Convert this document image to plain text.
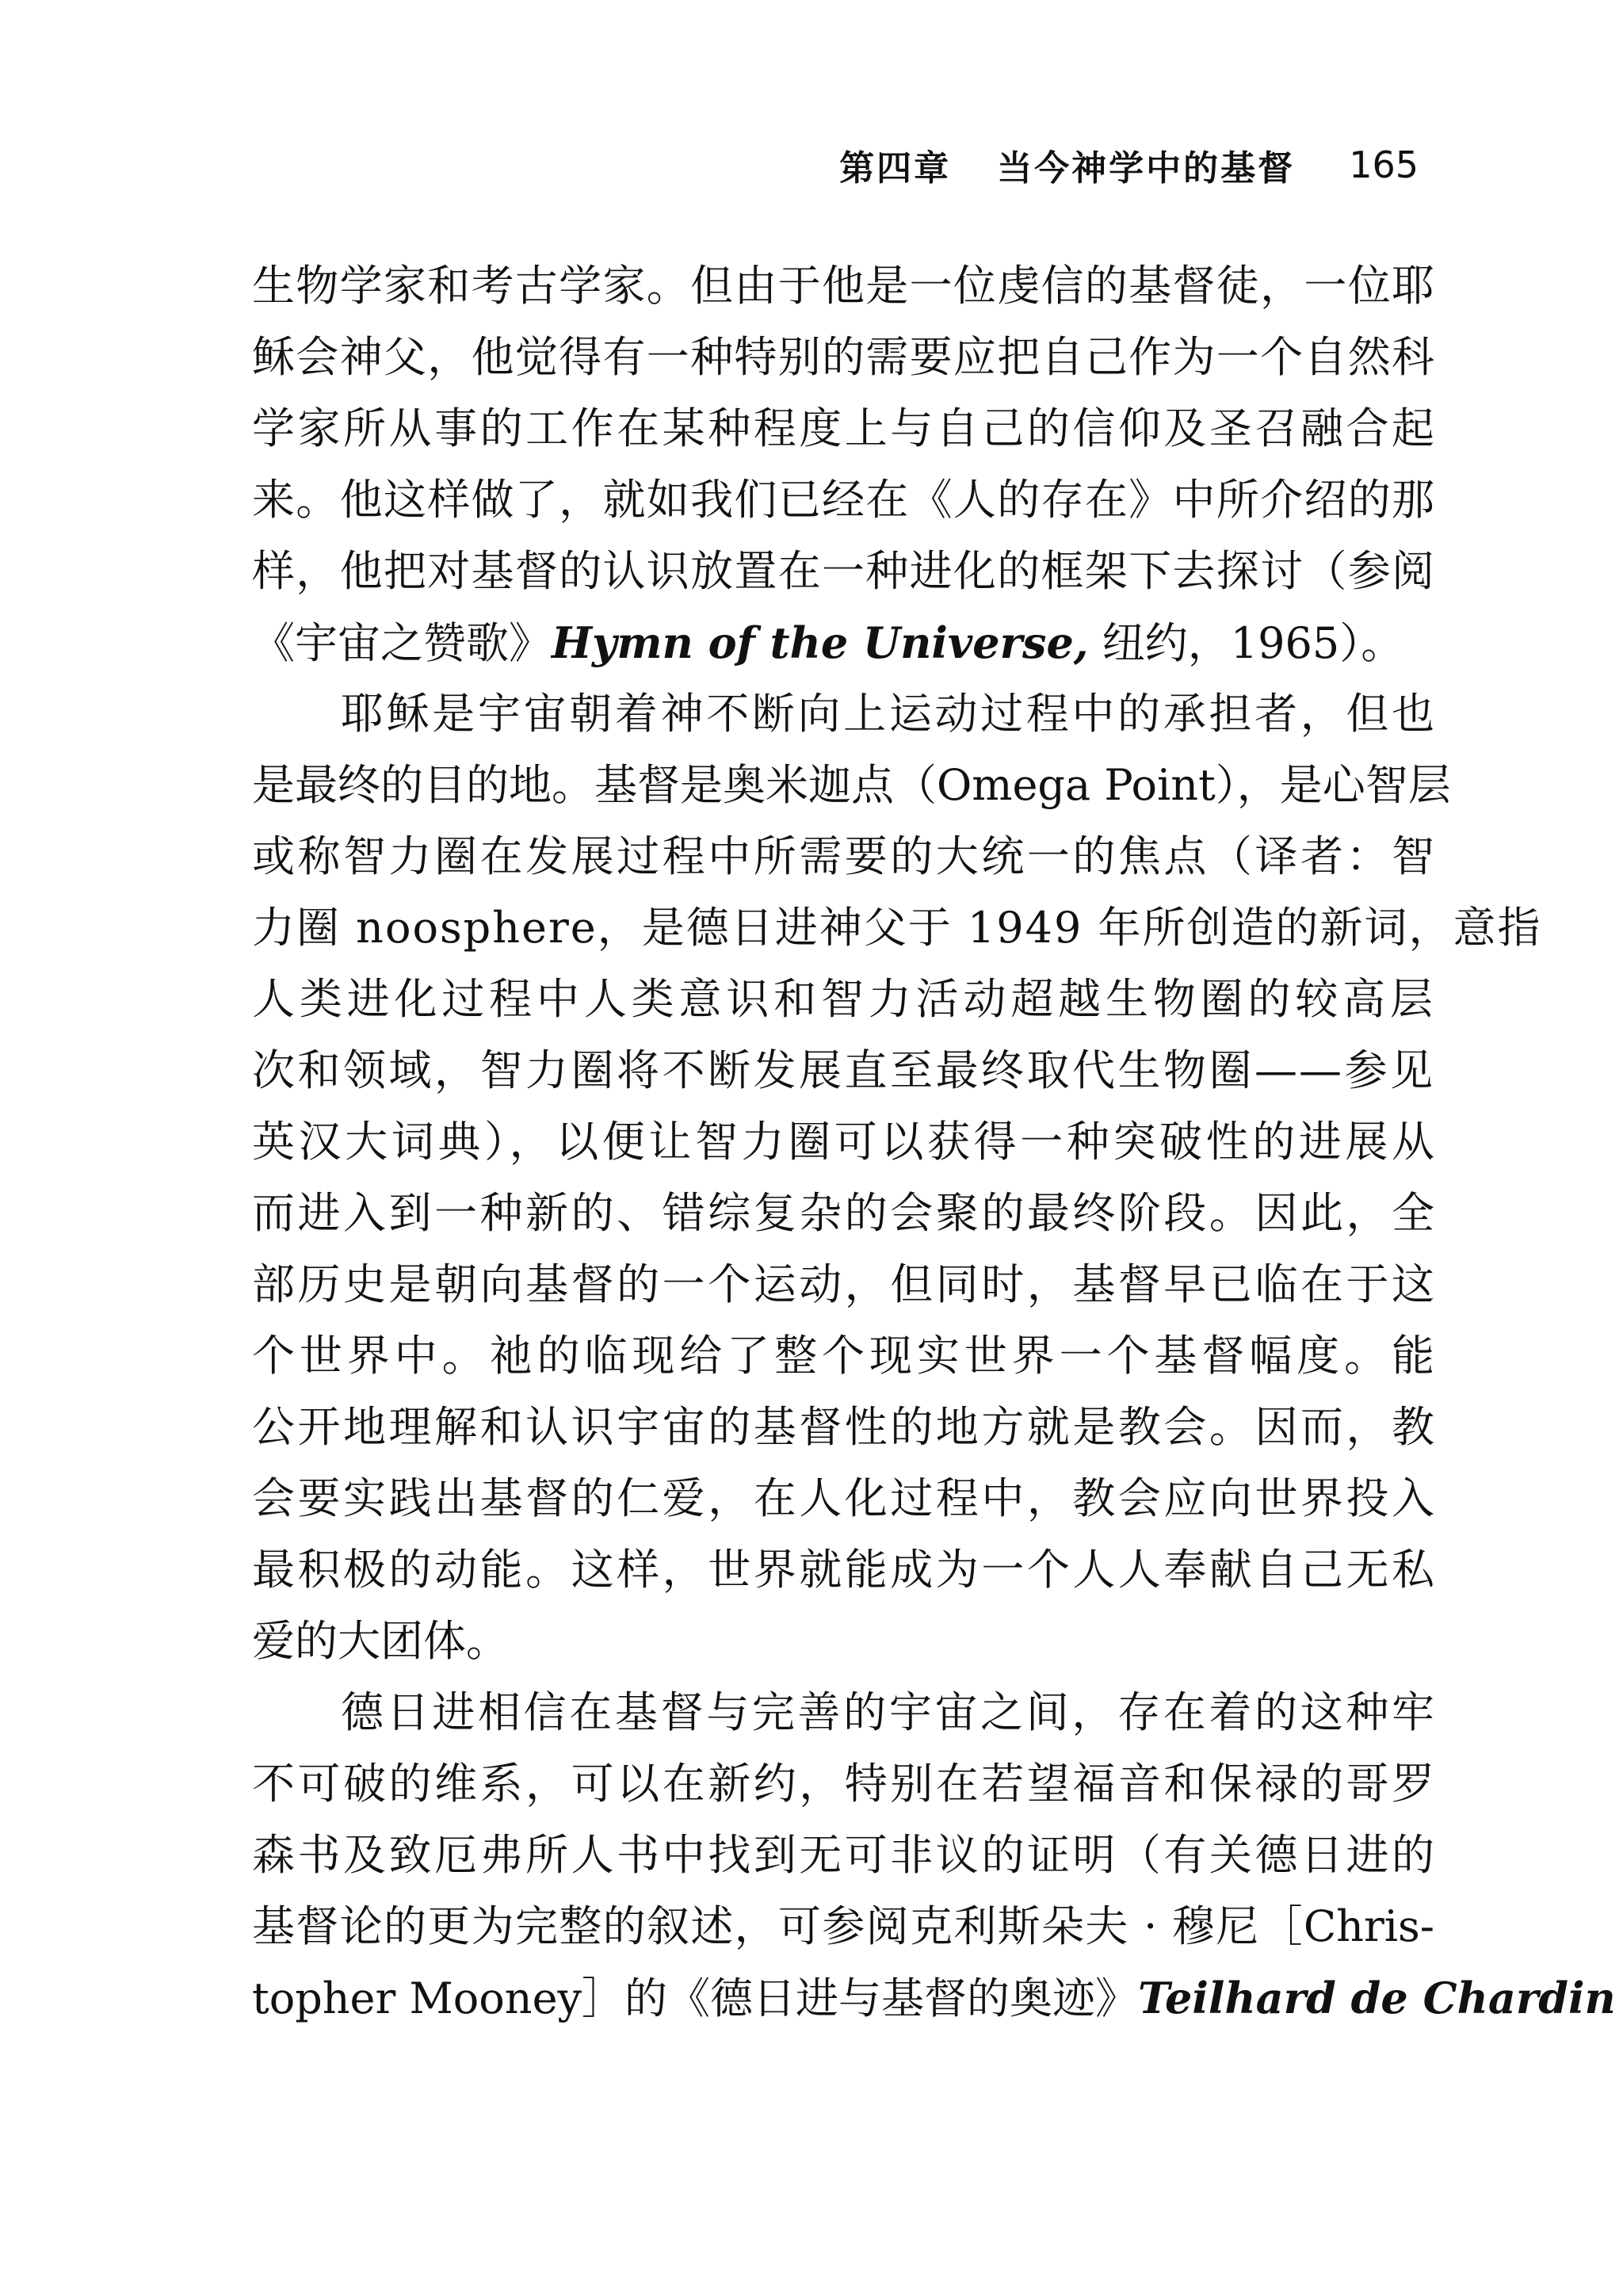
第四章 当今神学中的基督 165
生物学家和考古学家。但由于他是一位虔信的基督徒，一位耶
稣会神父，他觉得有一种特别的需要应把自己作为一个自然科
学家所从事的工作在某种程度上与自己的信仰及圣召融合起
来。他这样做了，就如我们已经在《人的存在》中所介绍的那
样，他把对基督的认识放置在一种进化的框架下去探讨（参阅
《宇宙之赞歌》Hymn of the Universe, 纽约，1965）。
耶稣是宇宙朝着神不断向上运动过程中的承担者，但也
是最终的目的地。基督是奥米迦点（Omega Point），是心智层
或称智力圈在发展过程中所需要的大统一的焦点（译者：智
力圈 noosphere，是德日进神父于 1949 年所创造的新词，意指
人类进化过程中人类意识和智力活动超越生物圈的较高层
次和领域，智力圈将不断发展直至最终取代生物圈——参见
英汉大词典），以便让智力圈可以获得一种突破性的进展从
而进入到一种新的、错综复杂的会聚的最终阶段。因此，全
部历史是朝向基督的一个运动，但同时，基督早已临在于这
个世界中。祂的临现给了整个现实世界一个基督幅度。能
公开地理解和认识宇宙的基督性的地方就是教会。因而，教
会要实践出基督的仁爱，在人化过程中，教会应向世界投入
最积极的动能。这样，世界就能成为一个人人奉献自己无私
爱的大团体。
德日进相信在基督与完善的宇宙之间，存在着的这种牢
不可破的维系，可以在新约，特别在若望福音和保禄的哥罗
森书及致厄弗所人书中找到无可非议的证明（有关德日进的
基督论的更为完整的叙述，可参阅克利斯朵夫 · 穆尼［Chris-
topher Mooney］的《德日进与基督的奥迹》Teilhard de Chardin
